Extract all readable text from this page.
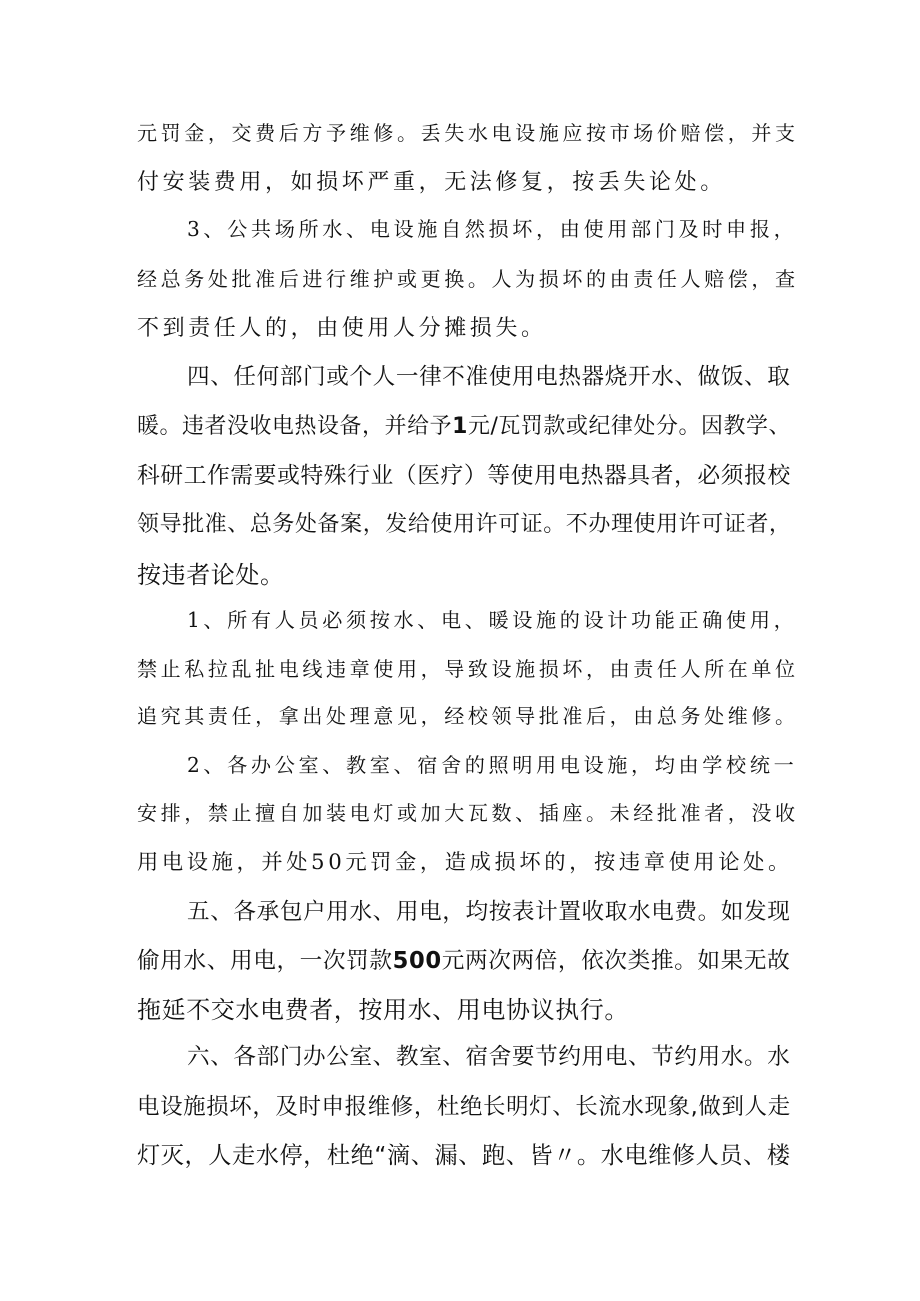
元罚金，交费后方予维修。丢失水电设施应按市场价赔偿，并支

付安装费用，如损坏严重，无法修复，按丢失论处。

3、公共场所水、电设施自然损坏，由使用部门及时申报，

经总务处批准后进行维护或更换。人为损坏的由责任人赔偿，查

不到责任人的，由使用人分摊损失。

四、任何部门或个人一律不准使用电热器烧开水、做饭、取

暖。违者没收电热设备，并给予1元/瓦罚款或纪律处分。因教学、

科研工作需要或特殊行业（医疗）等使用电热器具者，必须报校

领导批准、总务处备案，发给使用许可证。不办理使用许可证者，

按违者论处。

1、所有人员必须按水、电、暖设施的设计功能正确使用，

禁止私拉乱扯电线违章使用，导致设施损坏，由责任人所在单位

追究其责任，拿出处理意见，经校领导批准后，由总务处维修。

2、各办公室、教室、宿舍的照明用电设施，均由学校统一

安排，禁止擅自加装电灯或加大瓦数、插座。未经批准者，没收

用电设施，并处50元罚金，造成损坏的，按违章使用论处。

五、各承包户用水、用电，均按表计置收取水电费。如发现

偷用水、用电，一次罚款500元两次两倍，依次类推。如果无故

拖延不交水电费者，按用水、用电协议执行。

六、各部门办公室、教室、宿舍要节约用电、节约用水。水

电设施损坏，及时申报维修，杜绝长明灯、长流水现象,做到人走

灯灭，人走水停，杜绝“滴、漏、跑、皆〃。水电维修人员、楼
